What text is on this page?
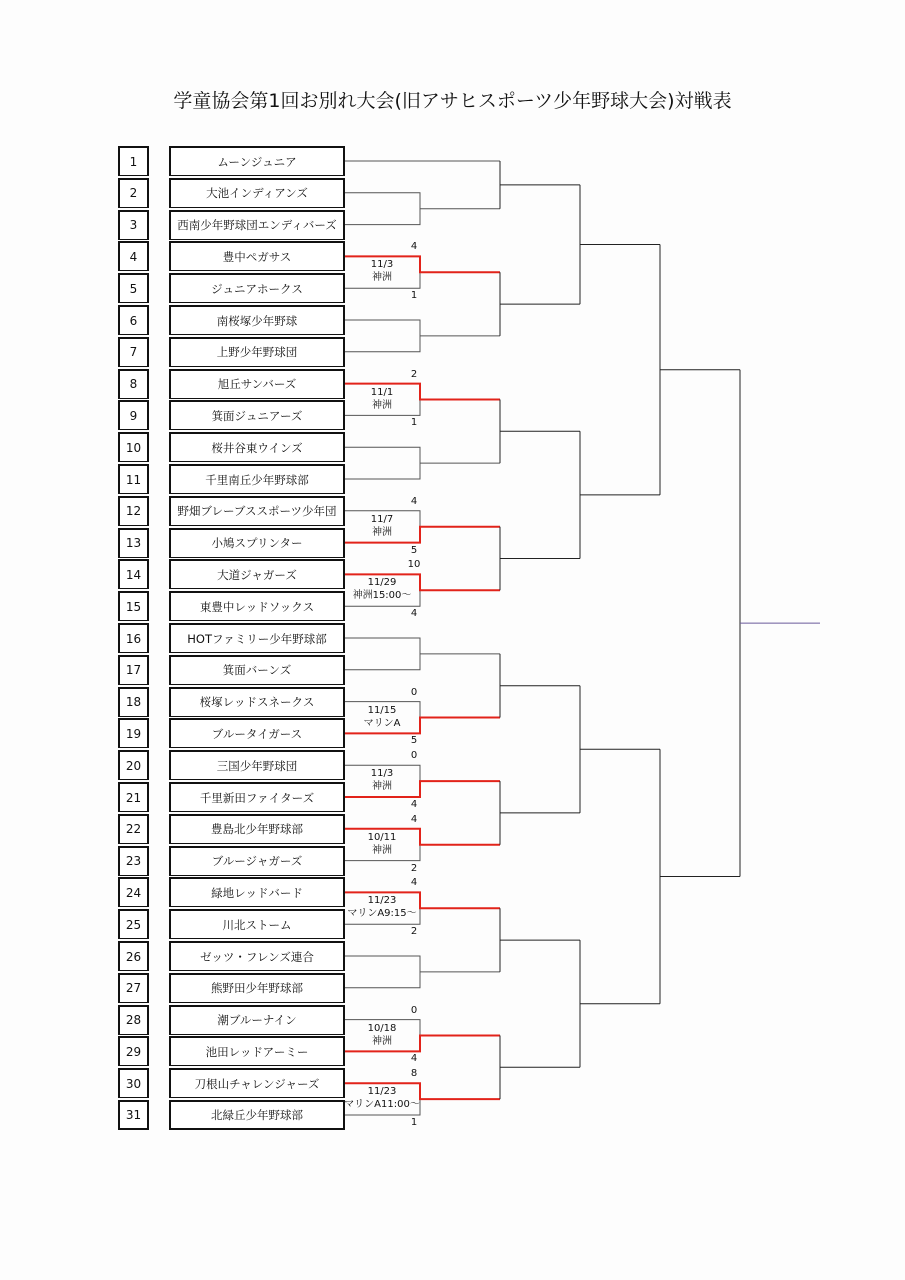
学童協会第1回お別れ大会(旧アサヒスポーツ少年野球大会)対戦表
1	ムーンジュニア
2	大池インディアンズ
3	西南少年野球団エンディバーズ
4	豊中ペガサス
5	ジュニアホークス
6	南桜塚少年野球
7	上野少年野球団
8	旭丘サンバーズ
9	箕面ジュニアーズ
10	桜井谷東ウインズ
11	千里南丘少年野球部
12	野畑ブレーブススポーツ少年団
13	小鳩スプリンター
14	大道ジャガーズ
15	東豊中レッドソックス
16	HOTファミリー少年野球部
17	箕面バーンズ
18	桜塚レッドスネークス
19	ブルータイガース
20	三国少年野球団
21	千里新田ファイターズ
22	豊島北少年野球部
23	ブルージャガーズ
24	緑地レッドバード
25	川北ストーム
26	ゼッツ・フレンズ連合
27	熊野田少年野球部
28	潮ブルーナイン
29	池田レッドアーミー
30	刀根山チャレンジャーズ
31	北緑丘少年野球部
4
1
11/3
神洲
2
1
11/1
神洲
4
5
11/7
神洲
10
4
11/29
神洲15:00～
0
5
11/15
マリンA
0
4
11/3
神洲
4
2
10/11
神洲
4
2
11/23
マリンA9:15～
0
4
10/18
神洲
8
1
11/23
マリンA11:00～
